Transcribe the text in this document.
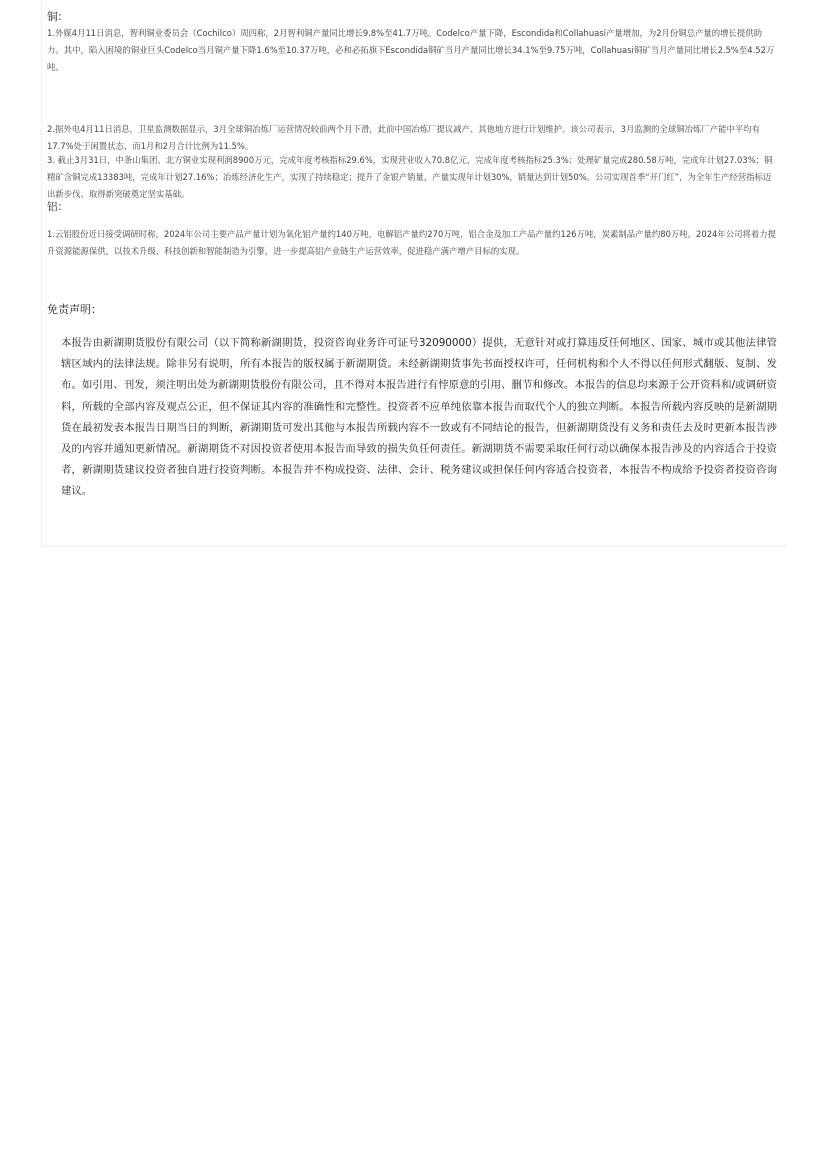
铜：

1.外媒4月11日消息，智利铜业委员会（Cochilco）周四称，2月智利铜产量同比增长9.8%至41.7万吨。Codelco产量下降，Escondida和Collahuasi产量增加，为2月份铜总产量的增长提供助力。其中，陷入困境的铜业巨头Codelco当月铜产量下降1.6%至10.37万吨，必和必拓旗下Escondida铜矿当月产量同比增长34.1%至9.75万吨，Collahuasi铜矿当月产量同比增长2.5%至4.52万吨。

2.据外电4月11日消息，卫星监测数据显示，3月全球铜冶炼厂运营情况较前两个月下滑，此前中国冶炼厂提议减产、其他地方进行计划维护。该公司表示，3月监测的全球铜冶炼厂产能中平均有17.7%处于闲置状态，而1月和2月合计比例为11.5%。

3. 截止3月31日，中条山集团、北方铜业实现利润8900万元，完成年度考核指标29.6%，实现营业收入70.8亿元，完成年度考核指标25.3%；处理矿量完成280.58万吨，完成年计划27.03%；铜精矿含铜完成13383吨，完成年计划27.16%；冶炼经济化生产，实现了持续稳定；提升了金银产销量，产量实现年计划30%，销量达到计划50%。公司实现首季“开门红”，为全年生产经营指标迈出新步伐、取得新突破奠定坚实基础。

铝：

1.云铝股份近日接受调研时称，2024年公司主要产品产量计划为氧化铝产量约140万吨，电解铝产量约270万吨，铝合金及加工产品产量约126万吨，炭素制品产量约80万吨。2024年公司将着力提升资源能源保供，以技术升级、科技创新和智能制造为引擎，进一步提高铝产业链生产运营效率，促进稳产满产增产目标的实现。

免责声明：

本报告由新湖期货股份有限公司（以下简称新湖期货，投资咨询业务许可证号32090000）提供，无意针对或打算违反任何地区、国家、城市或其他法律管辖区域内的法律法规。除非另有说明，所有本报告的版权属于新湖期货。未经新湖期货事先书面授权许可，任何机构和个人不得以任何形式翻版、复制、发布。如引用、刊发，须注明出处为新湖期货股份有限公司，且不得对本报告进行有悖原意的引用、删节和修改。本报告的信息均来源于公开资料和/或调研资料，所载的全部内容及观点公正，但不保证其内容的准确性和完整性。投资者不应单纯依靠本报告而取代个人的独立判断。本报告所载内容反映的是新湖期货在最初发表本报告日期当日的判断，新湖期货可发出其他与本报告所载内容不一致或有不同结论的报告，但新湖期货没有义务和责任去及时更新本报告涉及的内容并通知更新情况。新湖期货不对因投资者使用本报告而导致的损失负任何责任。新湖期货不需要采取任何行动以确保本报告涉及的内容适合于投资者，新湖期货建议投资者独自进行投资判断。本报告并不构成投资、法律、会计、税务建议或担保任何内容适合投资者，本报告不构成给予投资者投资咨询建议。
